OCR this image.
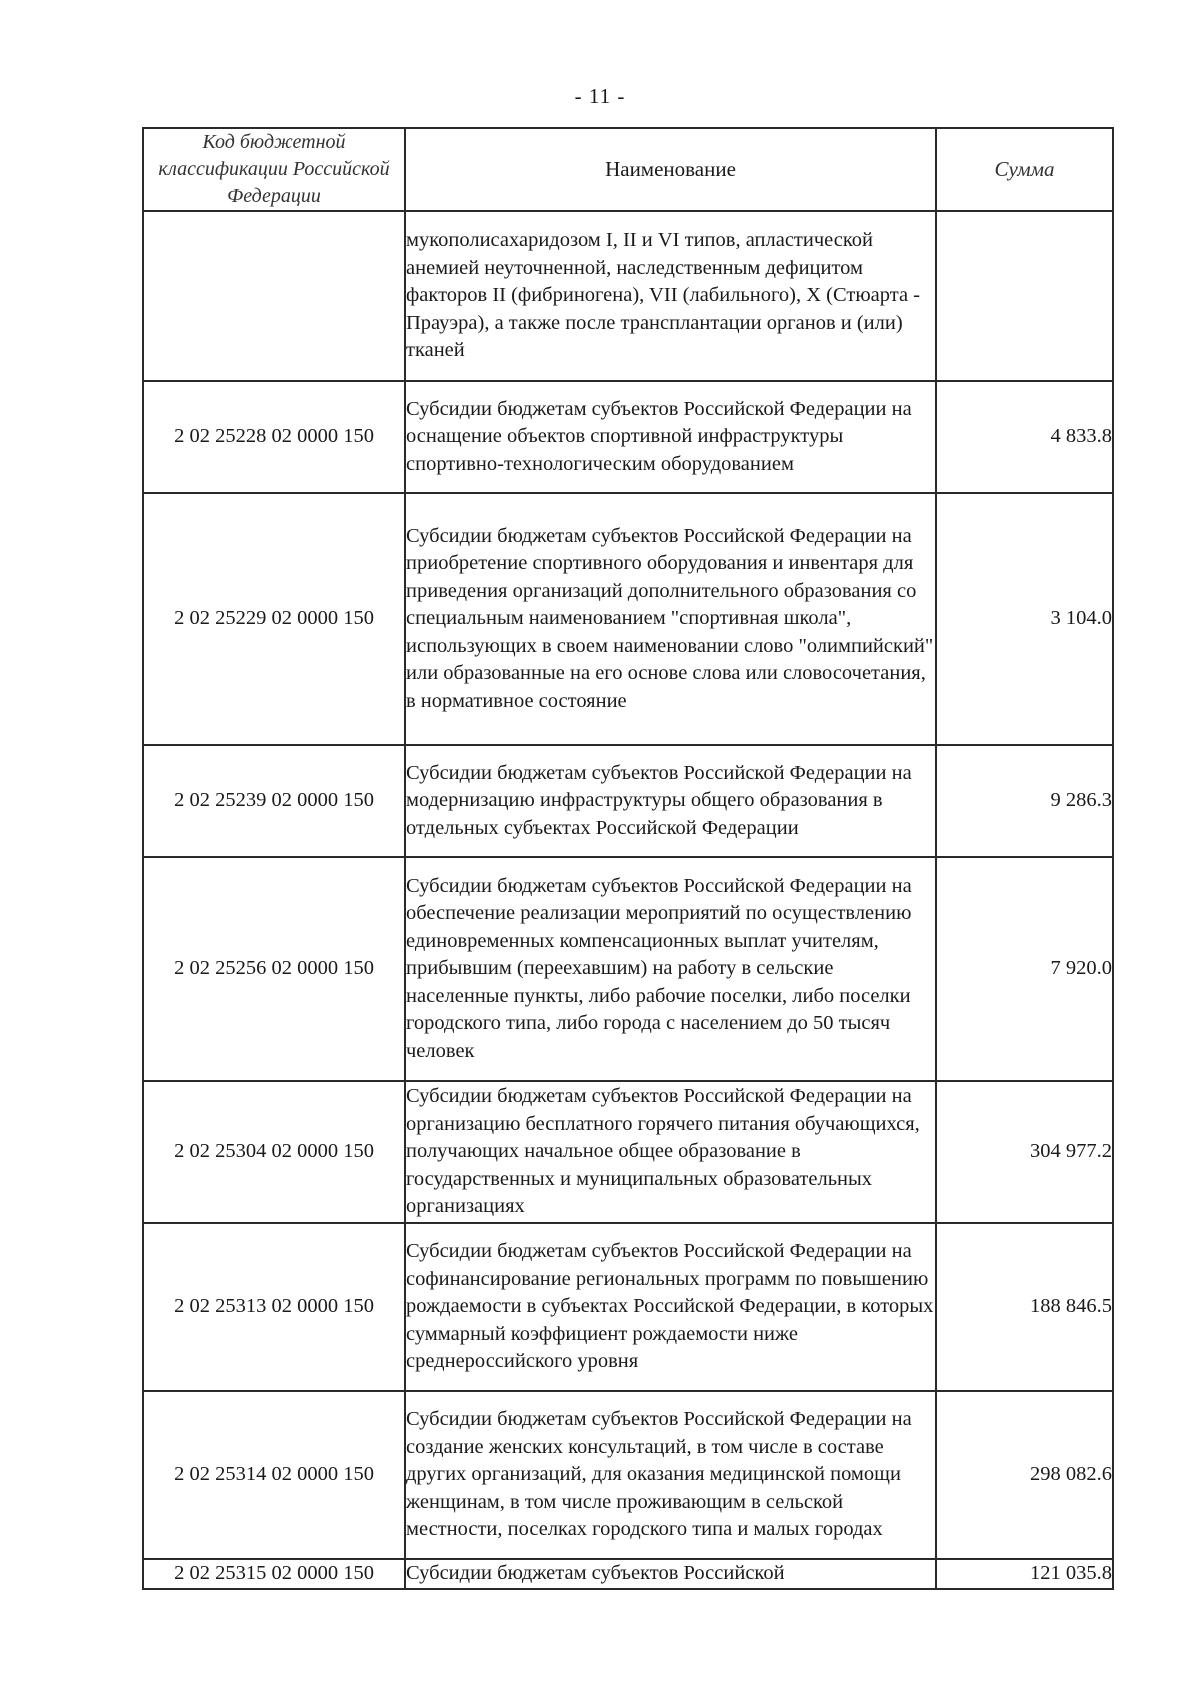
- 11 -
Код бюджетной классификации Российской Федерации	Наименование	Сумма
	мукополисахаридозом I, II и VI типов, апластической анемией неуточненной, наследственным дефицитом факторов II (фибриногена), VII (лабильного), X (Стюарта - Прауэра), а также после трансплантации органов и (или) тканей	
2 02 25228 02 0000 150	Субсидии бюджетам субъектов Российской Федерации на оснащение объектов спортивной инфраструктуры спортивно-технологическим оборудованием	4 833.8
2 02 25229 02 0000 150	Субсидии бюджетам субъектов Российской Федерации на приобретение спортивного оборудования и инвентаря для приведения организаций дополнительного образования со специальным наименованием "спортивная школа", использующих в своем наименовании слово "олимпийский" или образованные на его основе слова или словосочетания, в нормативное состояние	3 104.0
2 02 25239 02 0000 150	Субсидии бюджетам субъектов Российской Федерации на модернизацию инфраструктуры общего образования в отдельных субъектах Российской Федерации	9 286.3
2 02 25256 02 0000 150	Субсидии бюджетам субъектов Российской Федерации на обеспечение реализации мероприятий по осуществлению единовременных компенсационных выплат учителям, прибывшим (переехавшим) на работу в сельские населенные пункты, либо рабочие поселки, либо поселки городского типа, либо города с населением до 50 тысяч человек	7 920.0
2 02 25304 02 0000 150	Субсидии бюджетам субъектов Российской Федерации на организацию бесплатного горячего питания обучающихся, получающих начальное общее образование в государственных и муниципальных образовательных организациях	304 977.2
2 02 25313 02 0000 150	Субсидии бюджетам субъектов Российской Федерации на софинансирование региональных программ по повышению рождаемости в субъектах Российской Федерации, в которых суммарный коэффициент рождаемости ниже среднероссийского уровня	188 846.5
2 02 25314 02 0000 150	Субсидии бюджетам субъектов Российской Федерации на создание женских консультаций, в том числе в составе других организаций, для оказания медицинской помощи женщинам, в том числе проживающим в сельской местности, поселках городского типа и малых городах	298 082.6
2 02 25315 02 0000 150	Субсидии бюджетам субъектов Российской	121 035.8
